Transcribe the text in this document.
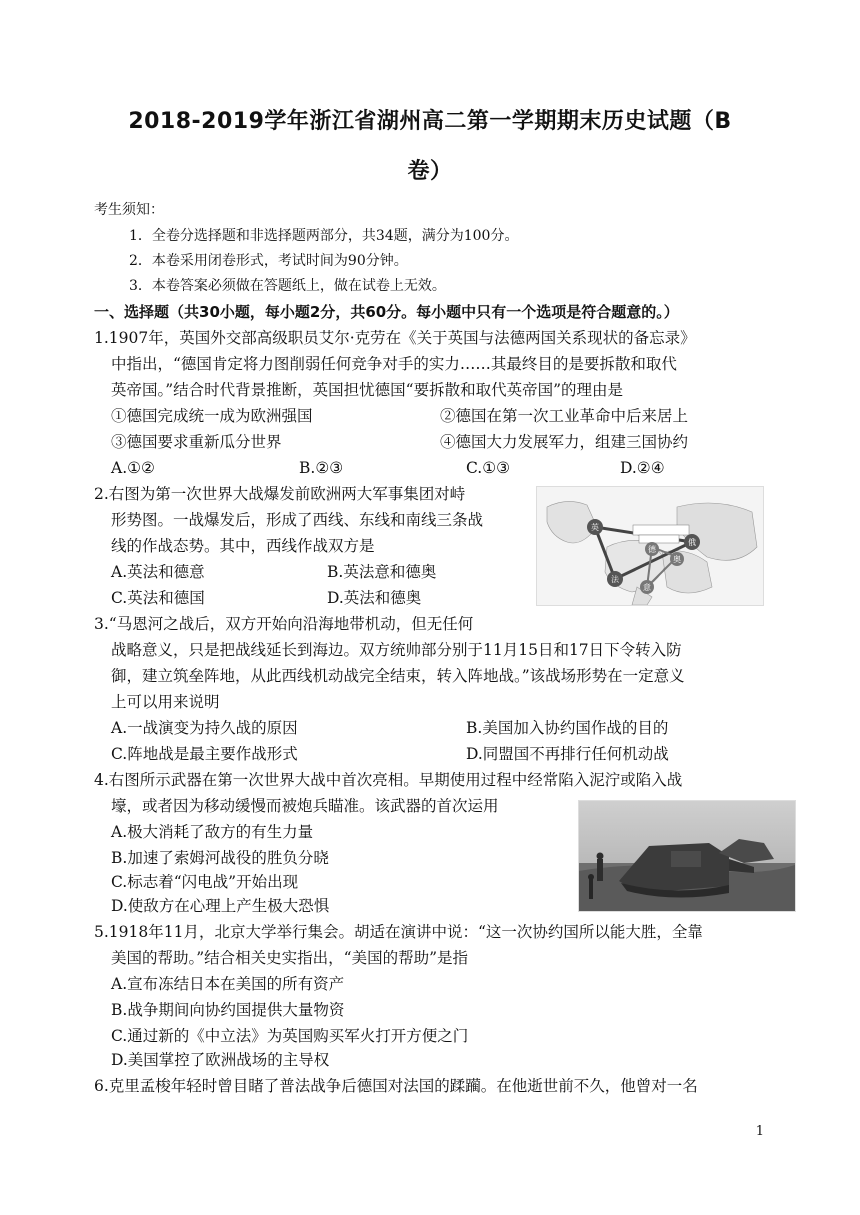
2018-2019学年浙江省湖州高二第一学期期末历史试题（B
卷）
考生须知：
1．全卷分选择题和非选择题两部分，共34题，满分为100分。
2．本卷采用闭卷形式，考试时间为90分钟。
3．本卷答案必须做在答题纸上，做在试卷上无效。
一、选择题（共30小题，每小题2分，共60分。每小题中只有一个选项是符合题意的。）
1.1907年，英国外交部高级职员艾尔·克劳在《关于英国与法德两国关系现状的备忘录》
中指出，“德国肯定将力图削弱任何竞争对手的实力……其最终目的是要拆散和取代
英帝国。”结合时代背景推断，英国担忧德国“要拆散和取代英帝国”的理由是
①德国完成统一成为欧洲强国	②德国在第一次工业革命中后来居上
③德国要求重新瓜分世界	④德国大力发展军力，组建三国协约
A.①②	B.②③	C.①③	D.②④
2.右图为第一次世界大战爆发前欧洲两大军事集团对峙
形势图。一战爆发后，形成了西线、东线和南线三条战
线的作战态势。其中，西线作战双方是
A.英法和德意	B.英法意和德奥
C.英法和德国	D.英法和德奥
英
法
俄
德
奥
意
3.“马恩河之战后，双方开始向沿海地带机动，但无任何
战略意义，只是把战线延长到海边。双方统帅部分别于11月15日和17日下令转入防
御，建立筑垒阵地，从此西线机动战完全结束，转入阵地战。”该战场形势在一定意义
上可以用来说明
A.一战演变为持久战的原因	B.美国加入协约国作战的目的
C.阵地战是最主要作战形式	D.同盟国不再排行任何机动战
4.右图所示武器在第一次世界大战中首次亮相。早期使用过程中经常陷入泥泞或陷入战
壕，或者因为移动缓慢而被炮兵瞄准。该武器的首次运用
A.极大消耗了敌方的有生力量
B.加速了索姆河战役的胜负分晓
C.标志着“闪电战”开始出现
D.使敌方在心理上产生极大恐惧
5.1918年11月，北京大学举行集会。胡适在演讲中说：“这一次协约国所以能大胜，全靠
美国的帮助。”结合相关史实指出，“美国的帮助”是指
A.宣布冻结日本在美国的所有资产
B.战争期间向协约国提供大量物资
C.通过新的《中立法》为英国购买军火打开方便之门
D.美国掌控了欧洲战场的主导权
6.克里孟梭年轻时曾目睹了普法战争后德国对法国的蹂躏。在他逝世前不久，他曾对一名
1
